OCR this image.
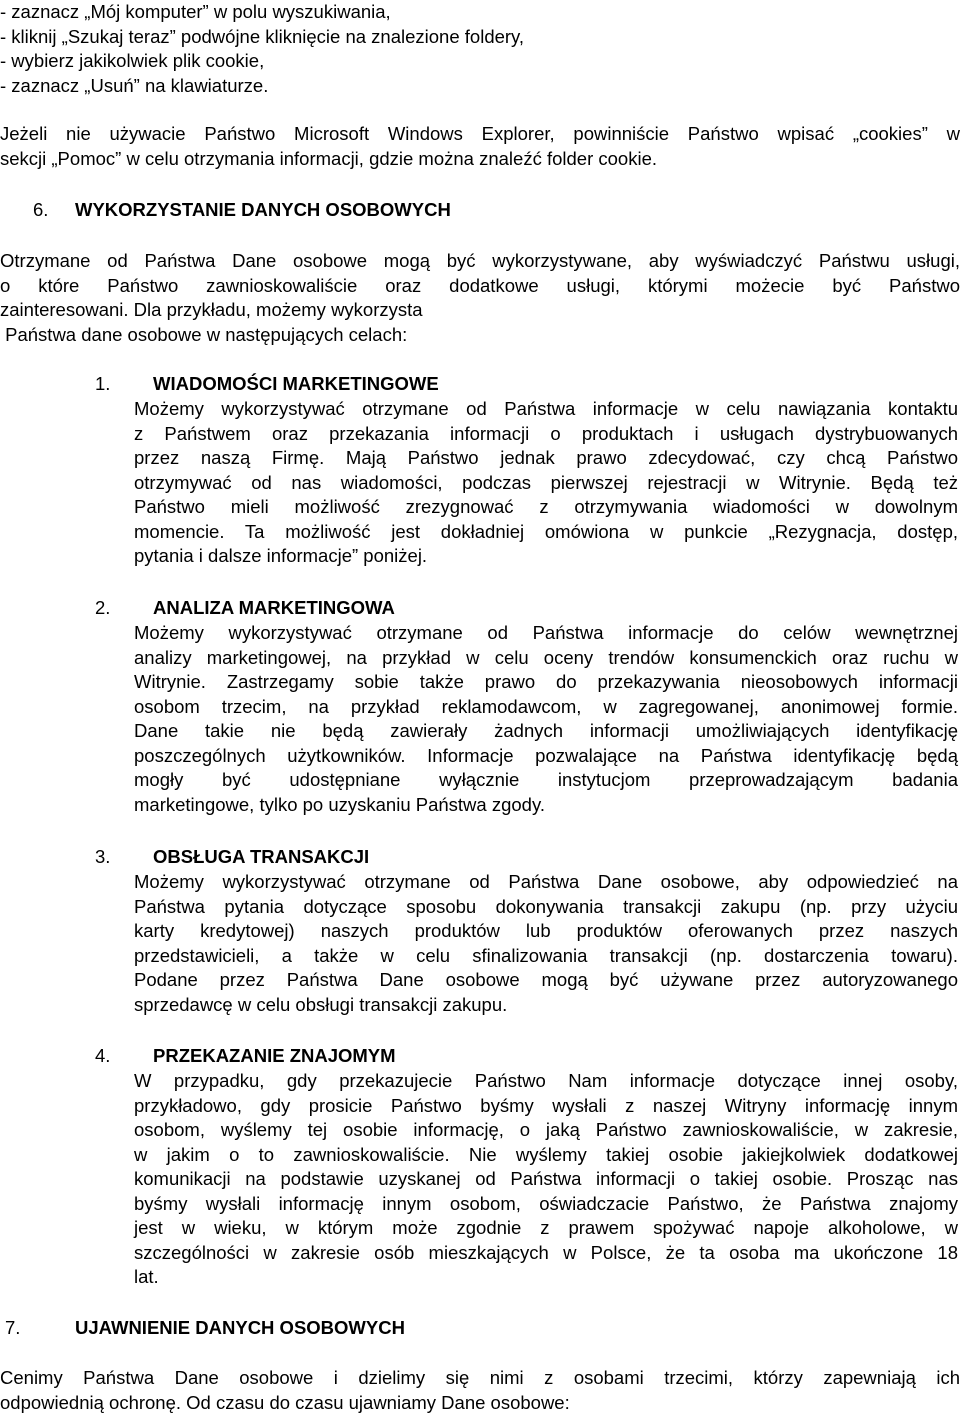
- zaznacz „Mój komputer” w polu wyszukiwania,

- kliknij „Szukaj teraz” podwójne kliknięcie na znalezione foldery,

- wybierz jakikolwiek plik cookie,

- zaznacz „Usuń” na klawiaturze.

Jeżeli nie używacie Państwo Microsoft Windows Explorer, powinniście Państwo wpisać „cookies” w

sekcji „Pomoc” w celu otrzymania informacji, gdzie można znaleźć folder cookie.

6.	WYKORZYSTANIE DANYCH OSOBOWYCH

Otrzymane od Państwa Dane osobowe mogą być wykorzystywane, aby wyświadczyć Państwu usługi,

o które Państwo zawnioskowaliście oraz dodatkowe usługi, którymi możecie być Państwo

zainteresowani. Dla przykładu, możemy wykorzysta

Państwa dane osobowe w następujących celach:

1.	WIADOMOŚCI MARKETINGOWE

Możemy wykorzystywać otrzymane od Państwa informacje w celu nawiązania kontaktu

z Państwem oraz przekazania informacji o produktach i usługach dystrybuowanych

przez naszą Firmę. Mają Państwo jednak prawo zdecydować, czy chcą Państwo

otrzymywać od nas wiadomości, podczas pierwszej rejestracji w Witrynie. Będą też

Państwo mieli możliwość zrezygnować z otrzymywania wiadomości w dowolnym

momencie. Ta możliwość jest dokładniej omówiona w punkcie „Rezygnacja, dostęp,

pytania i dalsze informacje” poniżej.

2.	ANALIZA MARKETINGOWA

Możemy wykorzystywać otrzymane od Państwa informacje do celów wewnętrznej

analizy marketingowej, na przykład w celu oceny trendów konsumenckich oraz ruchu w

Witrynie. Zastrzegamy sobie także prawo do przekazywania nieosobowych informacji

osobom trzecim, na przykład reklamodawcom, w zagregowanej, anonimowej formie.

Dane takie nie będą zawierały żadnych informacji umożliwiających identyfikację

poszczególnych użytkowników. Informacje pozwalające na Państwa identyfikację będą

mogły być udostępniane wyłącznie instytucjom przeprowadzającym badania

marketingowe, tylko po uzyskaniu Państwa zgody.

3.	OBSŁUGA TRANSAKCJI

Możemy wykorzystywać otrzymane od Państwa Dane osobowe, aby odpowiedzieć na

Państwa pytania dotyczące sposobu dokonywania transakcji zakupu (np. przy użyciu

karty kredytowej) naszych produktów lub produktów oferowanych przez naszych

przedstawicieli, a także w celu sfinalizowania transakcji (np. dostarczenia towaru).

Podane przez Państwa Dane osobowe mogą być używane przez autoryzowanego

sprzedawcę w celu obsługi transakcji zakupu.

4.	PRZEKAZANIE ZNAJOMYM

W przypadku, gdy przekazujecie Państwo Nam informacje dotyczące innej osoby,

przykładowo, gdy prosicie Państwo byśmy wysłali z naszej Witryny informację innym

osobom, wyślemy tej osobie informację, o jaką Państwo zawnioskowaliście, w zakresie,

w jakim o to zawnioskowaliście. Nie wyślemy takiej osobie jakiejkolwiek dodatkowej

komunikacji na podstawie uzyskanej od Państwa informacji o takiej osobie. Prosząc nas

byśmy wysłali informację innym osobom, oświadczacie Państwo, że Państwa znajomy

jest w wieku, w którym może zgodnie z prawem spożywać napoje alkoholowe, w

szczególności w zakresie osób mieszkających w Polsce, że ta osoba ma ukończone 18

lat.

7.	UJAWNIENIE DANYCH OSOBOWYCH

Cenimy Państwa Dane osobowe i dzielimy się nimi z osobami trzecimi, którzy zapewniają ich

odpowiednią ochronę. Od czasu do czasu ujawniamy Dane osobowe:
